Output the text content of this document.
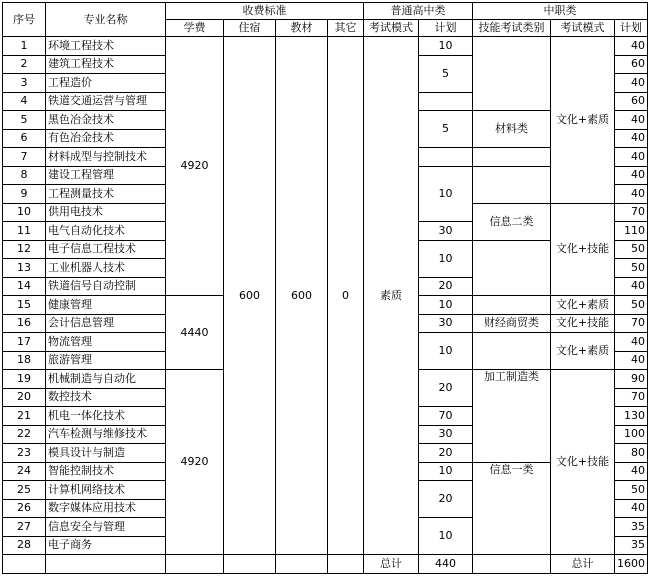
序号	专业名称	收费标准				普通高中类		中职类		
		学费	住宿	教材	其它	考试模式	计划	技能考试类别	考试模式	计划
1	环境工程技术	4920	600	600	0	素质	10		文化+素质	40
2	建筑工程技术						5			60
3	工程造价									40
4	铁道交通运营与管理									60
5	黑色冶金技术						5	材料类		40
6	有色冶金技术									40
7	材料成型与控制技术									40
8	建设工程管理						10			40
9	工程测量技术									40
10	供用电技术							信息二类	文化+技能	70
11	电气自动化技术						30			110
12	电子信息工程技术						10			50
13	工业机器人技术									50
14	铁道信号自动控制						20			40
15	健康管理	4440					10		文化+素质	50
16	会计信息管理						30	财经商贸类	文化+技能	70
17	物流管理						10		文化+素质	40
18	旅游管理									40
19	机械制造与自动化	4920					20	加工制造类	文化+技能	90
20	数控技术									70
21	机电一体化技术						70			130
22	汽车检测与维修技术						30			100
23	模具设计与制造						20			80
24	智能控制技术						10	信息一类		40
25	计算机网络技术						20			50
26	数字媒体应用技术									40
27	信息安全与管理						10			35
28	电子商务									35
						总计	440		总计	1600
